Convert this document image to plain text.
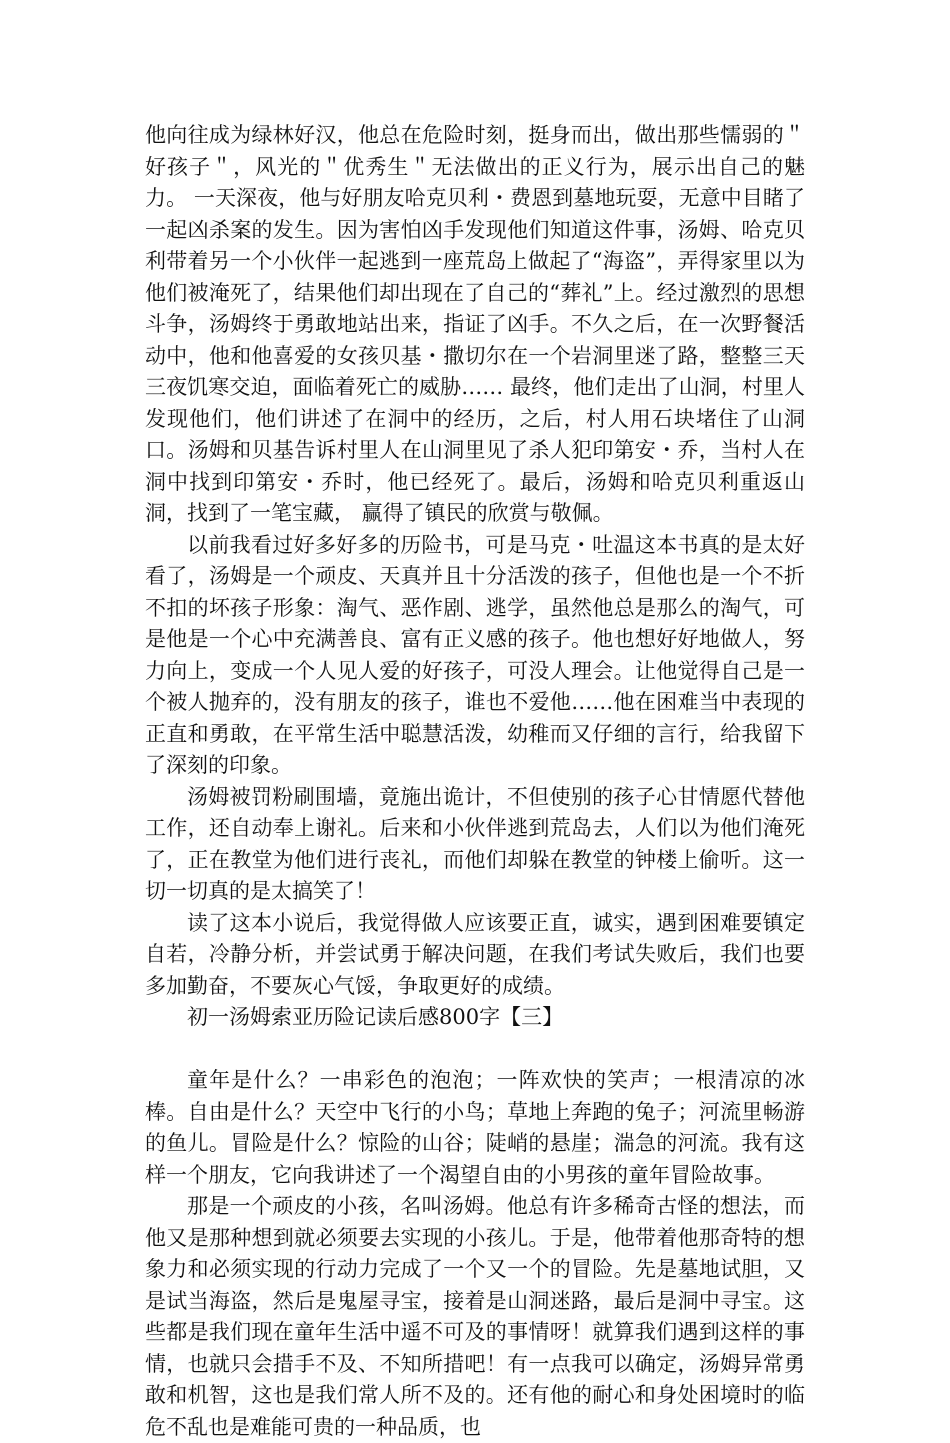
他向往成为绿林好汉，他总在危险时刻，挺身而出，做出那些懦弱的＂好孩子＂，风光的＂优秀生＂无法做出的正义行为，展示出自己的魅力。 一天深夜，他与好朋友哈克贝利・费恩到墓地玩耍，无意中目睹了一起凶杀案的发生。因为害怕凶手发现他们知道这件事，汤姆、哈克贝利带着另一个小伙伴一起逃到一座荒岛上做起了“海盗”，弄得家里以为他们被淹死了，结果他们却出现在了自己的“葬礼”上。经过激烈的思想斗争，汤姆终于勇敢地站出来，指证了凶手。不久之后，在一次野餐活动中，他和他喜爱的女孩贝基・撒切尔在一个岩洞里迷了路，整整三天三夜饥寒交迫，面临着死亡的威胁…… 最终，他们走出了山洞，村里人发现他们，他们讲述了在洞中的经历，之后，村人用石块堵住了山洞口。汤姆和贝基告诉村里人在山洞里见了杀人犯印第安・乔，当村人在洞中找到印第安・乔时，他已经死了。最后，汤姆和哈克贝利重返山洞，找到了一笔宝藏， 赢得了镇民的欣赏与敬佩。

以前我看过好多好多的历险书，可是马克・吐温这本书真的是太好看了，汤姆是一个顽皮、天真并且十分活泼的孩子，但他也是一个不折不扣的坏孩子形象：淘气、恶作剧、逃学，虽然他总是那么的淘气，可是他是一个心中充满善良、富有正义感的孩子。他也想好好地做人，努力向上，变成一个人见人爱的好孩子，可没人理会。让他觉得自己是一个被人抛弃的，没有朋友的孩子，谁也不爱他……他在困难当中表现的正直和勇敢，在平常生活中聪慧活泼，幼稚而又仔细的言行，给我留下了深刻的印象。

汤姆被罚粉刷围墙，竟施出诡计，不但使别的孩子心甘情愿代替他工作，还自动奉上谢礼。后来和小伙伴逃到荒岛去，人们以为他们淹死了，正在教堂为他们进行丧礼，而他们却躲在教堂的钟楼上偷听。这一切一切真的是太搞笑了！

读了这本小说后，我觉得做人应该要正直，诚实，遇到困难要镇定自若，冷静分析，并尝试勇于解决问题，在我们考试失败后，我们也要多加勤奋，不要灰心气馁，争取更好的成绩。

初一汤姆索亚历险记读后感800字【三】

童年是什么？一串彩色的泡泡；一阵欢快的笑声；一根清凉的冰棒。自由是什么？天空中飞行的小鸟；草地上奔跑的兔子；河流里畅游的鱼儿。冒险是什么？惊险的山谷；陡峭的悬崖；湍急的河流。我有这样一个朋友，它向我讲述了一个渴望自由的小男孩的童年冒险故事。

那是一个顽皮的小孩，名叫汤姆。他总有许多稀奇古怪的想法，而他又是那种想到就必须要去实现的小孩儿。于是，他带着他那奇特的想象力和必须实现的行动力完成了一个又一个的冒险。先是墓地试胆，又是试当海盗，然后是鬼屋寻宝，接着是山洞迷路，最后是洞中寻宝。这些都是我们现在童年生活中遥不可及的事情呀！就算我们遇到这样的事情，也就只会措手不及、不知所措吧！有一点我可以确定，汤姆异常勇敢和机智，这也是我们常人所不及的。还有他的耐心和身处困境时的临危不乱也是难能可贵的一种品质，也
